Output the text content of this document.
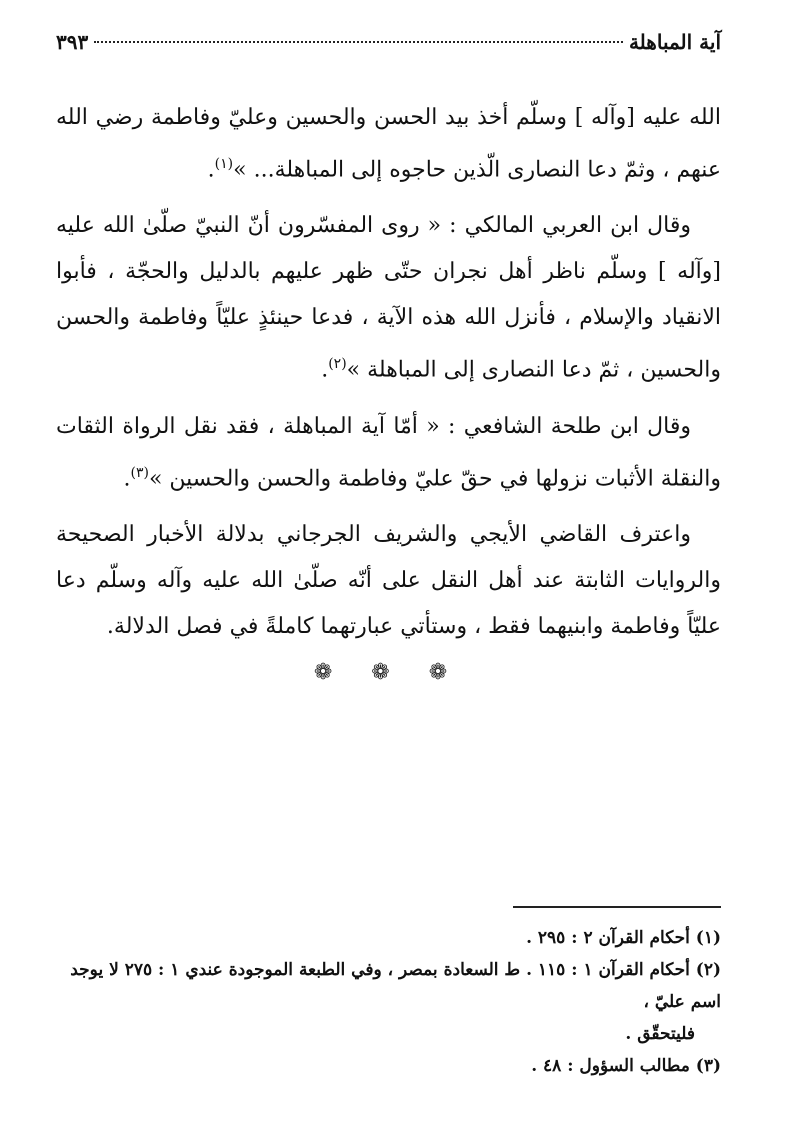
آية المباهلة
٣٩٣

الله عليه [وآله ] وسلّم أخذ بيد الحسن والحسين وعليّ وفاطمة رضي الله عنهم ، وثمّ دعا النصارى الّذين حاجوه إلى المباهلة... »$^{(١)}$.

وقال ابن العربي المالكي : « روى المفسّرون أنّ النبيّ صلّىٰ الله عليه [وآله ] وسلّم ناظر أهل نجران حتّى ظهر عليهم بالدليل والحجّة ، فأبوا الانقياد والإسلام ، فأنزل الله هذه الآية ، فدعا حينئذٍ عليّاً وفاطمة والحسن والحسين ، ثمّ دعا النصارى إلى المباهلة »$^{(٢)}$.

وقال ابن طلحة الشافعي : « أمّا آية المباهلة ، فقد نقل الرواة الثقات والنقلة الأثبات نزولها في حقّ عليّ وفاطمة والحسن والحسين »$^{(٣)}$.

واعترف القاضي الأيجي والشريف الجرجاني بدلالة الأخبار الصحيحة والروايات الثابتة عند أهل النقل على أنّه صلّىٰ الله عليه وآله وسلّم دعا عليّاً وفاطمة وابنيهما فقط ، وستأتي عبارتهما كاملةً في فصل الدلالة.

❁ ❁ ❁

(١) أحكام القرآن ٢ : ٢٩٥ .

(٢) أحكام القرآن ١ : ١١٥ . ط السعادة بمصر ، وفي الطبعة الموجودة عندي ١ : ٢٧٥ لا يوجد اسم عليّ ،
فليتحقّق .

(٣) مطالب السؤول : ٤٨ .
